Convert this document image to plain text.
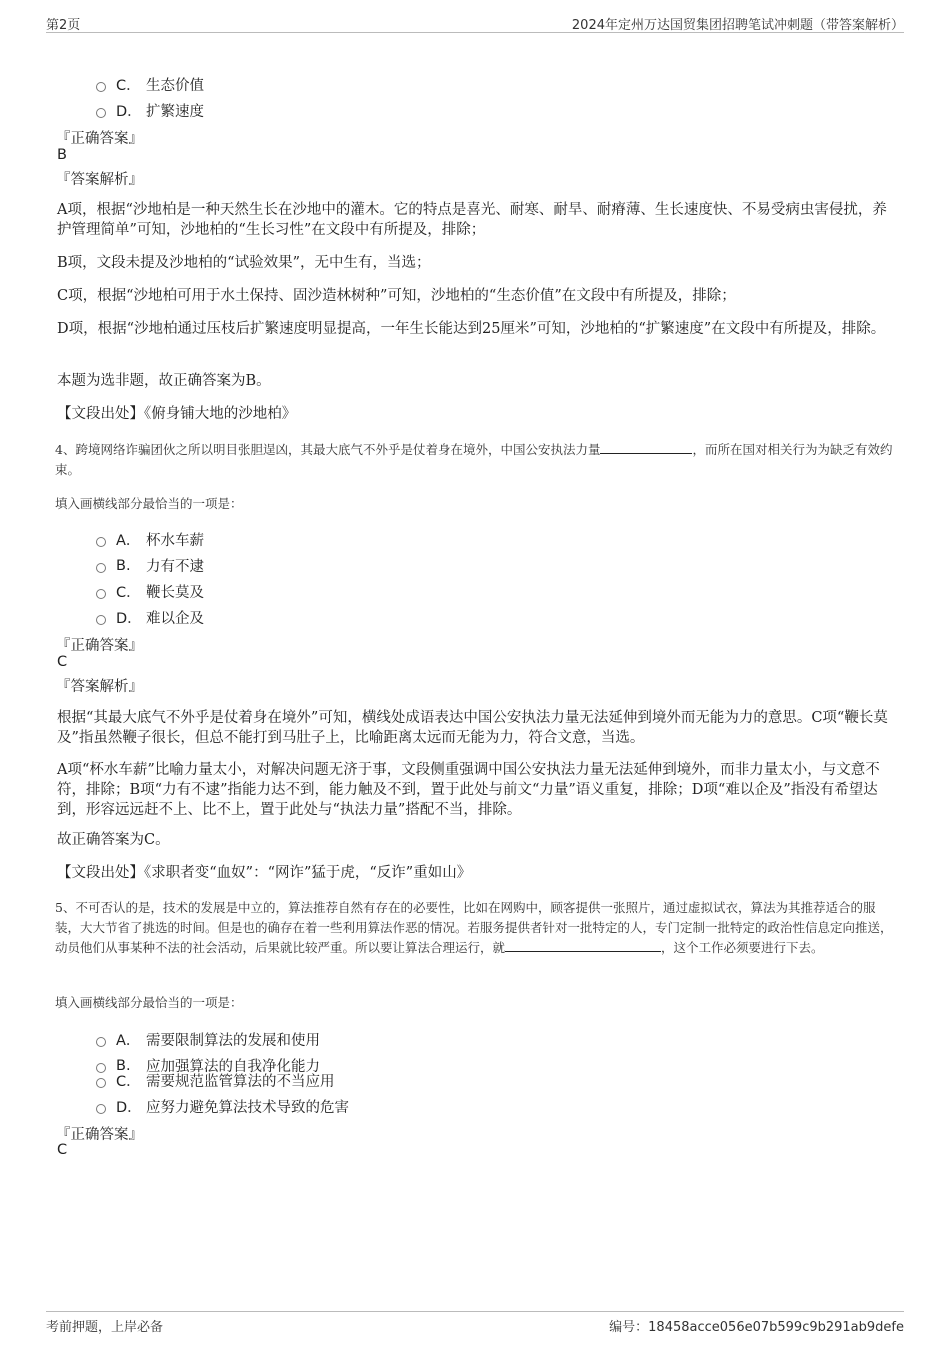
第2页	2024年定州万达国贸集团招聘笔试冲刺题（带答案解析）
C． 生态价值
D． 扩繁速度
『正确答案』
B
『答案解析』
A项，根据“沙地柏是一种天然生长在沙地中的灌木。它的特点是喜光、耐寒、耐旱、耐瘠薄、生长速度快、不易受病虫害侵扰，养护管理简单”可知，沙地柏的“生长习性”在文段中有所提及，排除；
B项，文段未提及沙地柏的“试验效果”，无中生有，当选；
C项，根据“沙地柏可用于水土保持、固沙造林树种”可知，沙地柏的“生态价值”在文段中有所提及，排除；
D项，根据“沙地柏通过压枝后扩繁速度明显提高，一年生长能达到25厘米”可知，沙地柏的“扩繁速度”在文段中有所提及，排除。
本题为选非题，故正确答案为B。
【文段出处】《俯身铺大地的沙地柏》
4、跨境网络诈骗团伙之所以明目张胆逞凶，其最大底气不外乎是仗着身在境外，中国公安执法力量	，而所在国对相关行为为缺乏有效约束。
填入画横线部分最恰当的一项是：
A． 杯水车薪
B.	力有不逮
C． 鞭长莫及
D． 难以企及
『正确答案』
C
『答案解析』
根据“其最大底气不外乎是仗着身在境外”可知，横线处成语表达中国公安执法力量无法延伸到境外而无能为力的意思。C项“鞭长莫及”指虽然鞭子很长，但总不能打到马肚子上，比喻距离太远而无能为力，符合文意，当选。
A项“杯水车薪”比喻力量太小，对解决问题无济于事，文段侧重强调中国公安执法力量无法延伸到境外，而非力量太小，与文意不符，排除；B项“力有不逮”指能力达不到，能力触及不到，置于此处与前文“力量”语义重复，排除；D项“难以企及”指没有希望达到，形容远远赶不上、比不上，置于此处与“执法力量”搭配不当，排除。
故正确答案为C。
【文段出处】《求职者变“血奴”：“网诈”猛于虎，“反诈”重如山》
5、不可否认的是，技术的发展是中立的，算法推荐自然有存在的必要性，比如在网购中，顾客提供一张照片，通过虚拟试衣，算法为其推荐适合的服装，大大节省了挑选的时间。但是也的确存在着一些利用算法作恶的情况。若服务提供者针对一批特定的人，专门定制一批特定的政治性信息定向推送，动员他们从事某种不法的社会活动，后果就比较严重。所以要让算法合理运行，就	，这个工作必须要进行下去。
填入画横线部分最恰当的一项是：
A． 需要限制算法的发展和使用
B.	应加强算法的自我净化能力
C． 需要规范监管算法的不当应用
D． 应努力避免算法技术导致的危害
『正确答案』
C
考前押题，上岸必备	编号：18458acce056e07b599c9b291ab9defe
